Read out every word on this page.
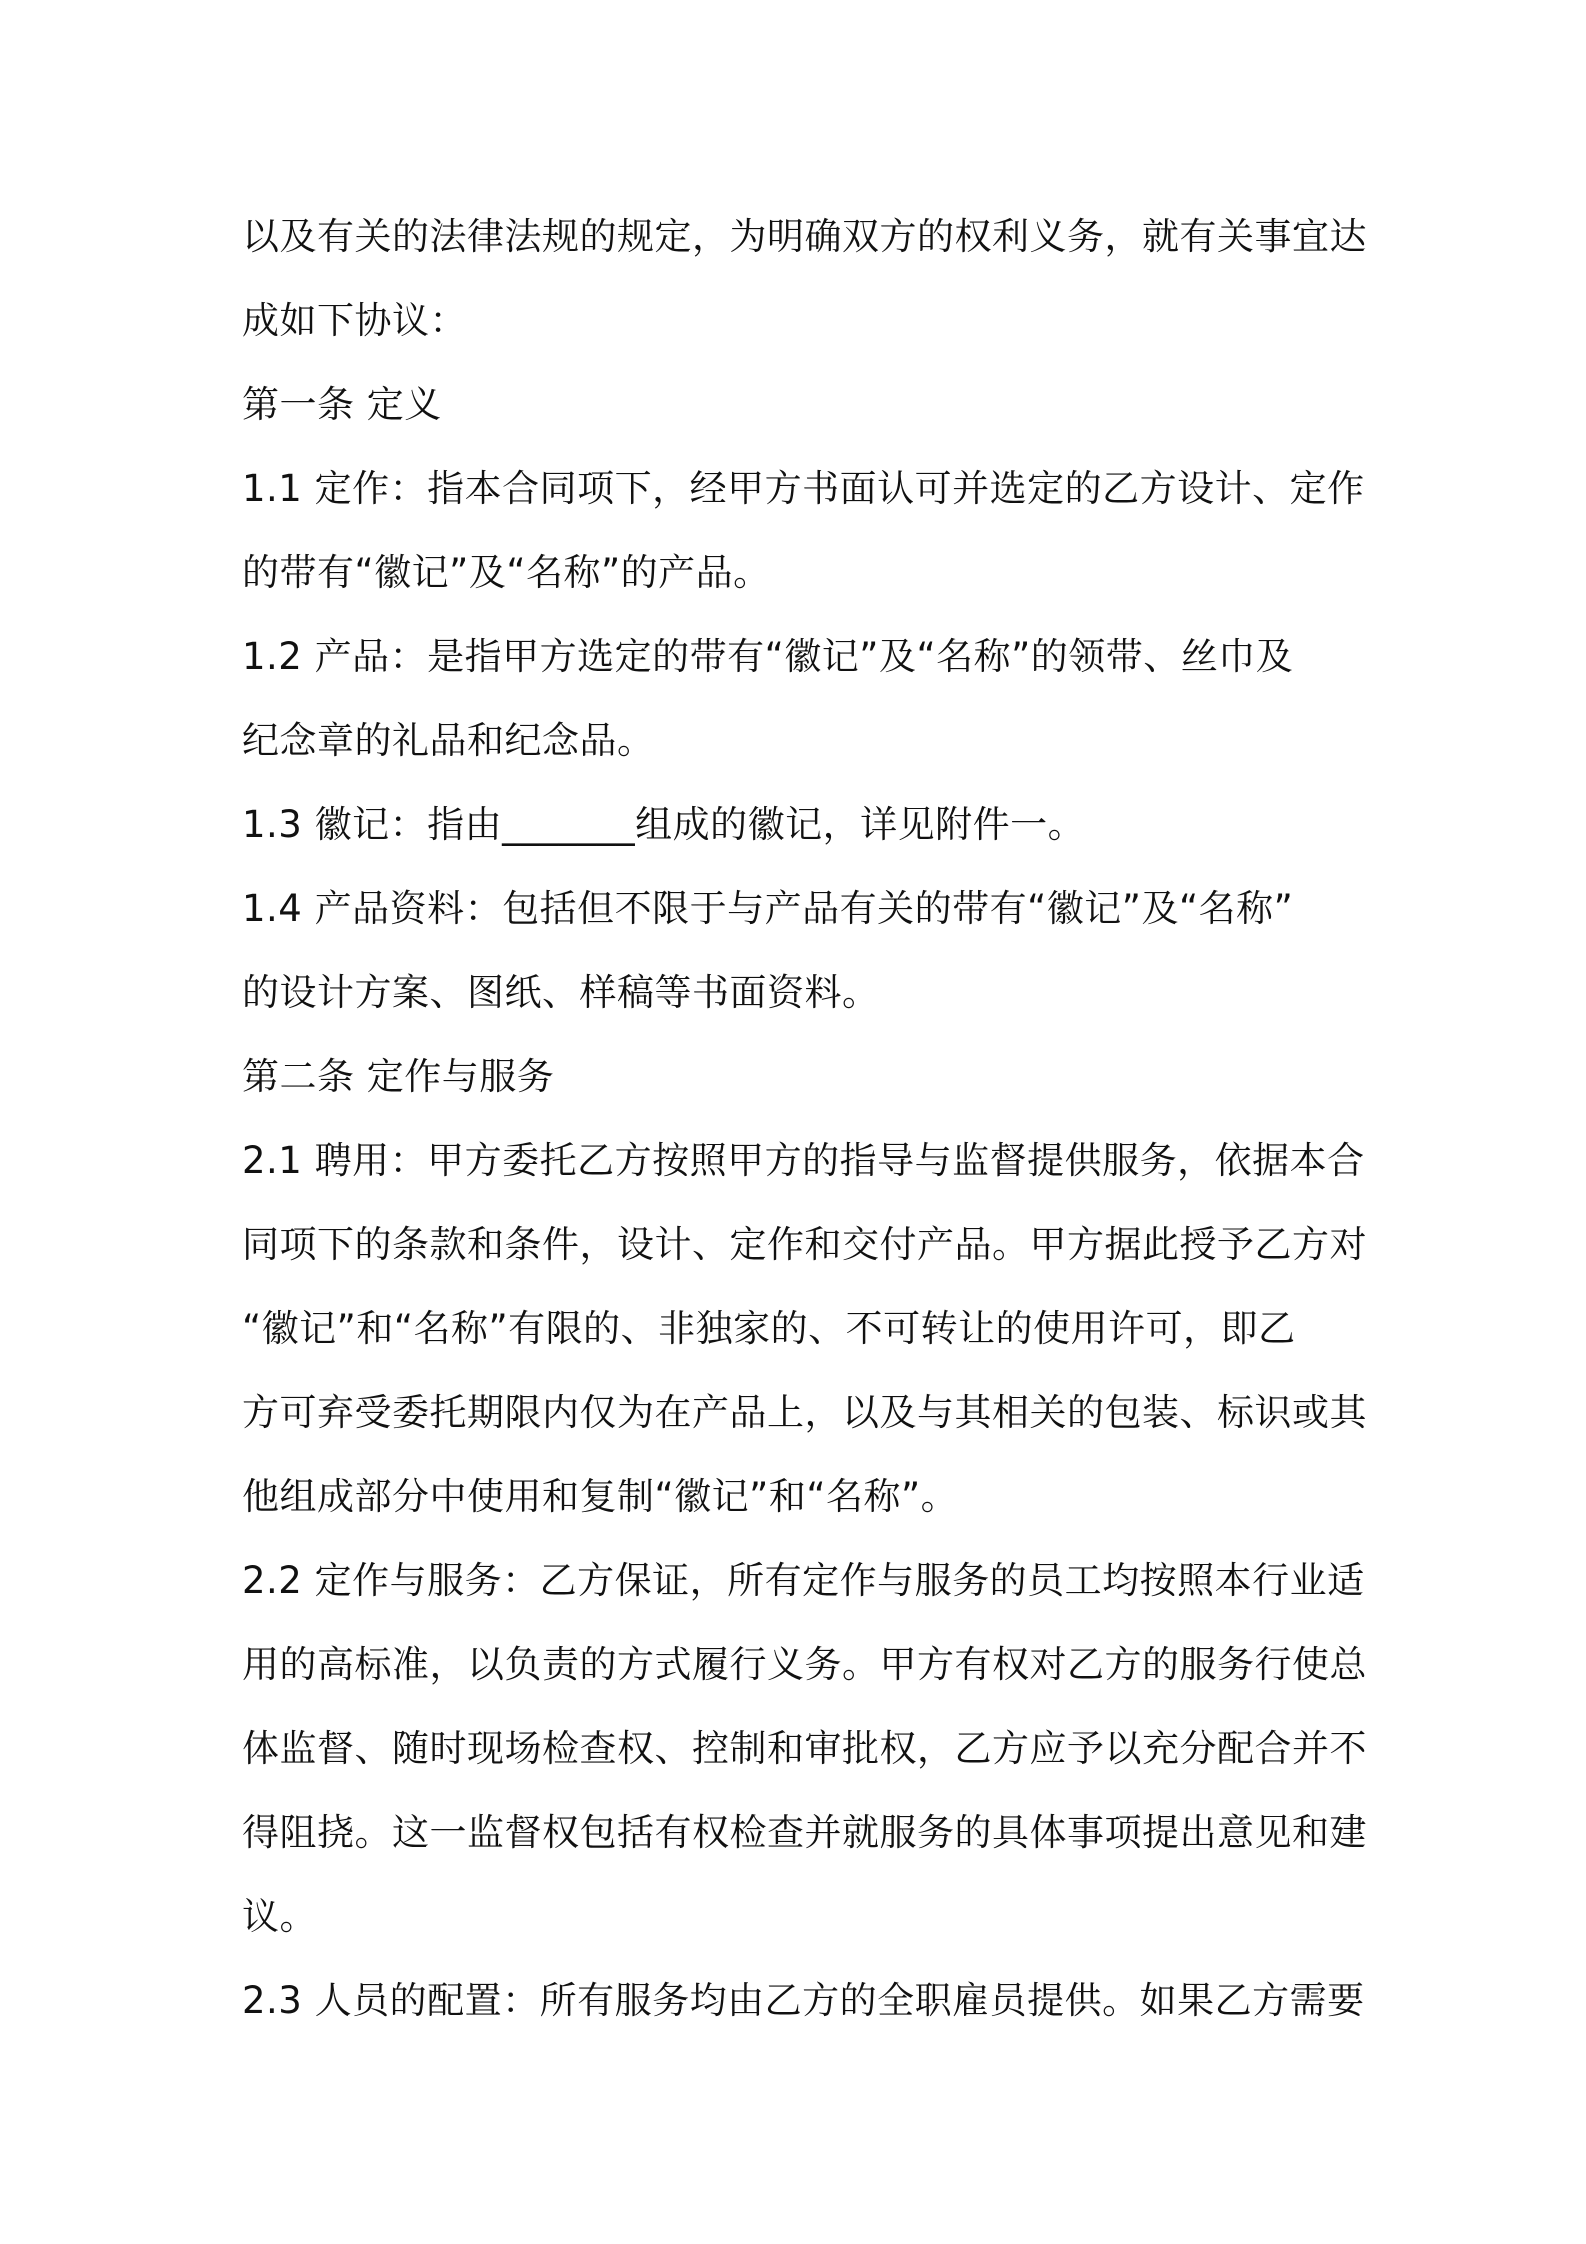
以及有关的法律法规的规定，为明确双方的权利义务，就有关事宜达
成如下协议：
第一条 定义
1.1 定作：指本合同项下，经甲方书面认可并选定的乙方设计、定作
的带有“徽记”及“名称”的产品。
1.2 产品：是指甲方选定的带有“徽记”及“名称”的领带、丝巾及
纪念章的礼品和纪念品。
1.3 徽记：指由_______组成的徽记，详见附件一。
1.4 产品资料：包括但不限于与产品有关的带有“徽记”及“名称”
的设计方案、图纸、样稿等书面资料。
第二条 定作与服务
2.1 聘用：甲方委托乙方按照甲方的指导与监督提供服务，依据本合
同项下的条款和条件，设计、定作和交付产品。甲方据此授予乙方对
“徽记”和“名称”有限的、非独家的、不可转让的使用许可，即乙
方可弃受委托期限内仅为在产品上，以及与其相关的包装、标识或其
他组成部分中使用和复制“徽记”和“名称”。
2.2 定作与服务：乙方保证，所有定作与服务的员工均按照本行业适
用的高标准，以负责的方式履行义务。甲方有权对乙方的服务行使总
体监督、随时现场检查权、控制和审批权，乙方应予以充分配合并不
得阻挠。这一监督权包括有权检查并就服务的具体事项提出意见和建
议。
2.3 人员的配置：所有服务均由乙方的全职雇员提供。如果乙方需要
